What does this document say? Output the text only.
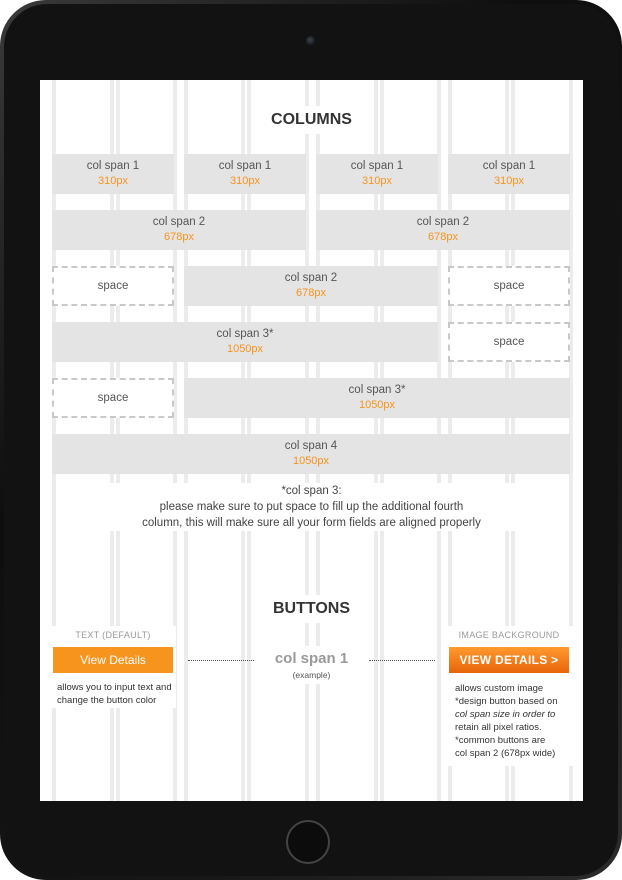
COLUMNS
col span 1
310px
col span 1
310px
col span 1
310px
col span 1
310px
col span 2
678px
col span 2
678px
space
col span 2
678px
space
col span 3*
1050px
space
space
col span 3*
1050px
col span 4
1050px
*col span 3:
please make sure to put space to fill up the additional fourth
column, this will make sure all your form fields are aligned properly
BUTTONS
TEXT (DEFAULT)
View Details
allows you to input text and
change the button color
col span 1
(example)
IMAGE BACKGROUND
VIEW DETAILS >
allows custom image
*design button based on
col span size in order to
retain all pixel ratios.
*common buttons are
col span 2 (678px wide)
